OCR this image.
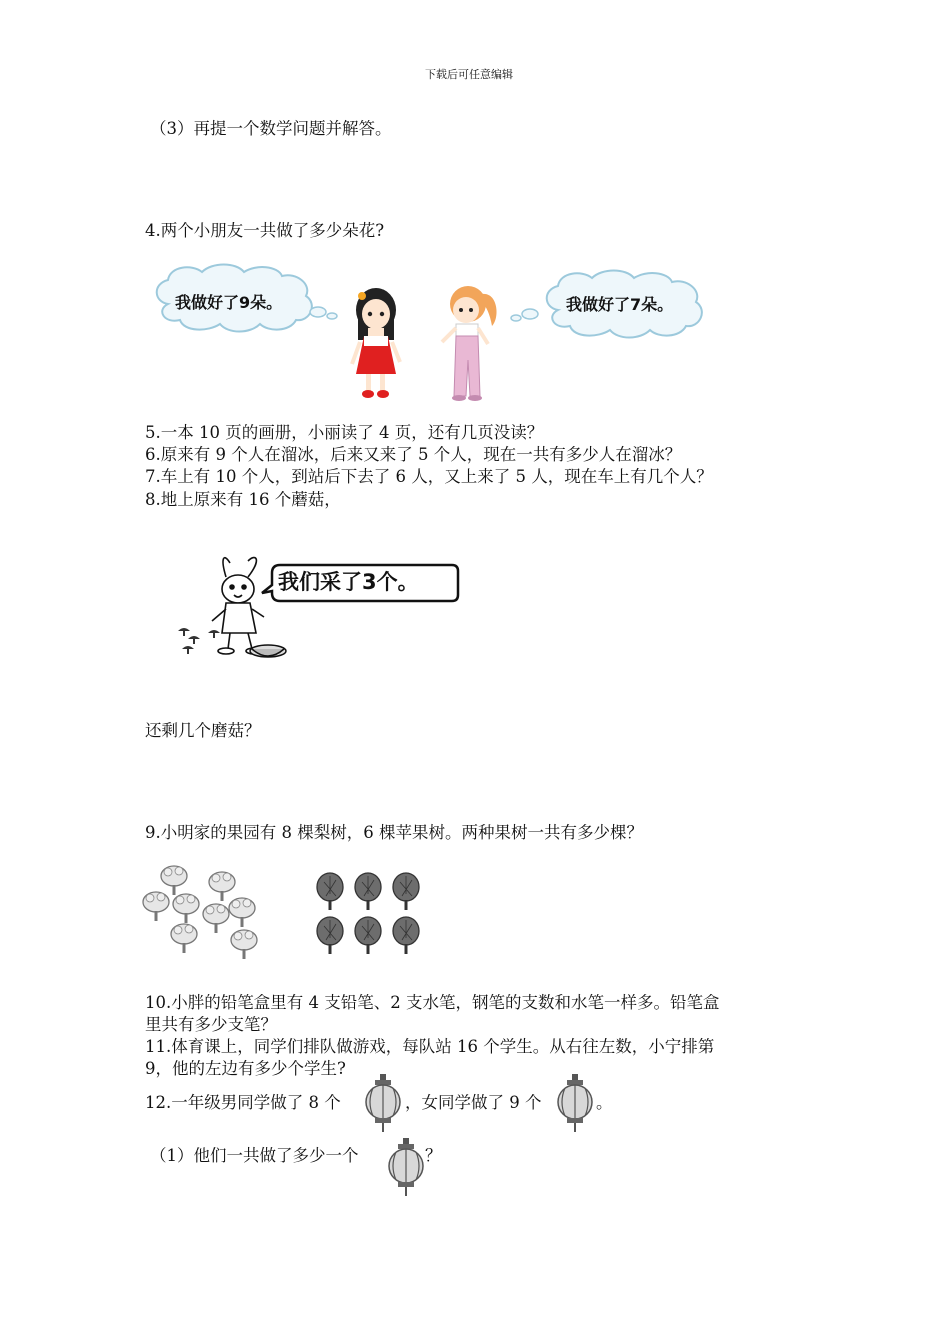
下载后可任意编辑
（3）再提一个数学问题并解答。
4.两个小朋友一共做了多少朵花?
我做好了9朵。	我做好了7朵。
5.一本 10 页的画册，小丽读了 4 页，还有几页没读？
6.原来有 9 个人在溜冰，后来又来了 5 个人，现在一共有多少人在溜冰？
7.车上有 10 个人，到站后下去了 6 人，又上来了 5 人，现在车上有几个人？
8.地上原来有 16 个蘑菇，
我们采了3个。
还剩几个磨菇？
9.小明家的果园有 8 棵梨树，6 棵苹果树。两种果树一共有多少棵？
10.小胖的铅笔盒里有 4 支铅笔、2 支水笔，钢笔的支数和水笔一样多。铅笔盒
里共有多少支笔？
11.体育课上，同学们排队做游戏，每队站 16 个学生。从右往左数，小宁排第
9，他的左边有多少个学生?
12.一年级男同学做了 8 个	，女同学做了 9 个	。
（1）他们一共做了多少一个	？
